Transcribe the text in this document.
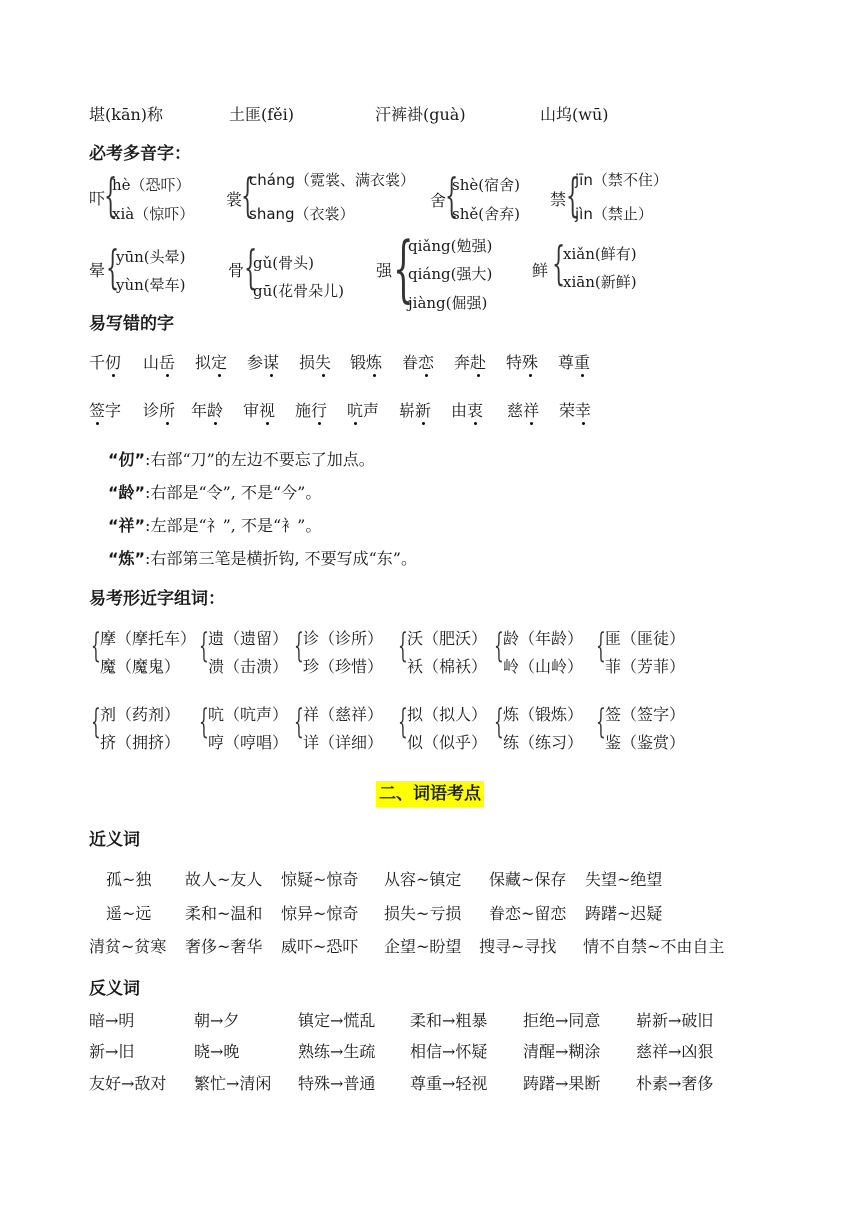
堪(kān)称	土匪(fěi)	汗裤褂(guà)	山坞(wū)
必考多音字：
吓
{
hè（恐吓）
xià（惊吓）
裳
{
cháng（霓裳、满衣裳）
shang（衣裳）
舍
{
shè(宿舍)
shě(舍弃)
禁 {
jīn（禁不住）
jìn（禁止）
晕 {
yūn(头晕)
yùn(晕车)
骨 {
gǔ(骨头)
gū(花骨朵儿)
强 {
qiǎng(勉强)
qiáng(强大)
jiàng(倔强)
鲜 {
xiǎn(鲜有)
xiān(新鲜)
易写错的字
千仞 山岳 拟定 参谋 损失 锻炼 眷恋 奔赴 特殊 尊重
签字 诊所 年龄 审视 施行 吭声 崭新 由衷 慈祥 荣幸
“仞”:右部“刀”的左边不要忘了加点。
“龄”:右部是“令”, 不是“今”。
“祥”:左部是“礻”, 不是“衤”。
“炼”:右部第三笔是横折钩, 不要写成“东”。
易考形近字组词：
{ 摩（摩托车）
魔（魔鬼）
{ 遗（遗留）
溃（击溃）
{ 诊（诊所）
珍（珍惜）
{ 沃（肥沃）
袄（棉袄）
{ 龄（年龄）
岭（山岭）
{ 匪（匪徒）
菲（芳菲）
{ 剂（药剂）
挤（拥挤）
{ 吭（吭声）
哼（哼唱）
{ 祥（慈祥）
详（详细）
{ 拟（拟人）
似（似乎）
{ 炼（锻炼）
练（练习）
{ 签（签字）
鉴（鉴赏）
二、词语考点
近义词
孤~独 故人~友人 惊疑~惊奇 从容~镇定 保藏~保存 失望~绝望
遥~远 柔和~温和 惊异~惊奇 损失~亏损 眷恋~留恋 踌躇~迟疑
清贫~贫寒 奢侈~奢华 威吓~恐吓 企望~盼望 搜寻~寻找 情不自禁~不由自主
反义词
暗→明	朝→夕	镇定→慌乱 柔和→粗暴 拒绝→同意 崭新→破旧
新→旧	晓→晚	熟练→生疏 相信→怀疑 清醒→糊涂 慈祥→凶狠
友好→敌对 繁忙→清闲 特殊→普通 尊重→轻视 踌躇→果断 朴素→奢侈
